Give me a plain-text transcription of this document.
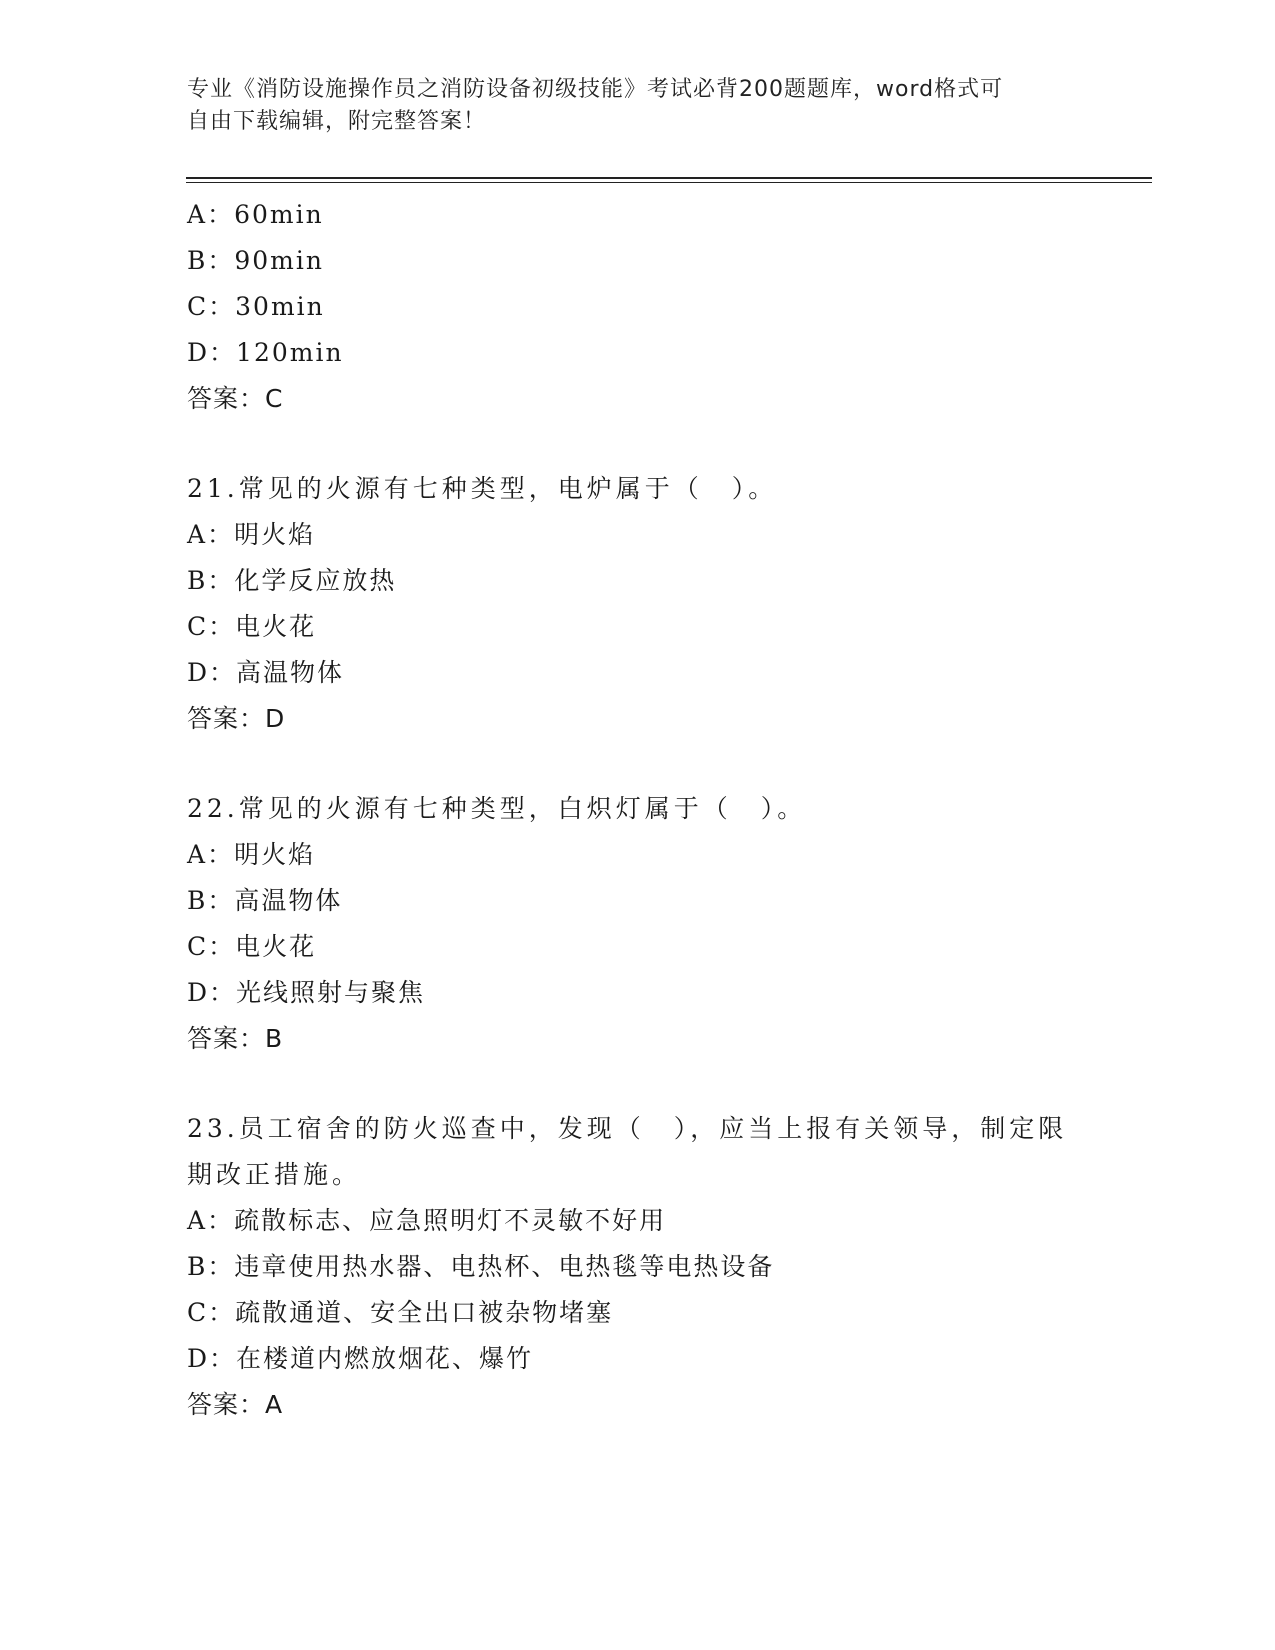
专业《消防设施操作员之消防设备初级技能》考试必背200题题库，word格式可
自由下载编辑，附完整答案！
A：60min
B：90min
C：30min
D：120min
答案：C
21.常见的火源有七种类型，电炉属于（　）。
A：明火焰
B：化学反应放热
C：电火花
D：高温物体
答案：D
22.常见的火源有七种类型，白炽灯属于（　）。
A：明火焰
B：高温物体
C：电火花
D：光线照射与聚焦
答案：B
23.员工宿舍的防火巡查中，发现（　），应当上报有关领导，制定限
期改正措施。
A：疏散标志、应急照明灯不灵敏不好用
B：违章使用热水器、电热杯、电热毯等电热设备
C：疏散通道、安全出口被杂物堵塞
D：在楼道内燃放烟花、爆竹
答案：A
